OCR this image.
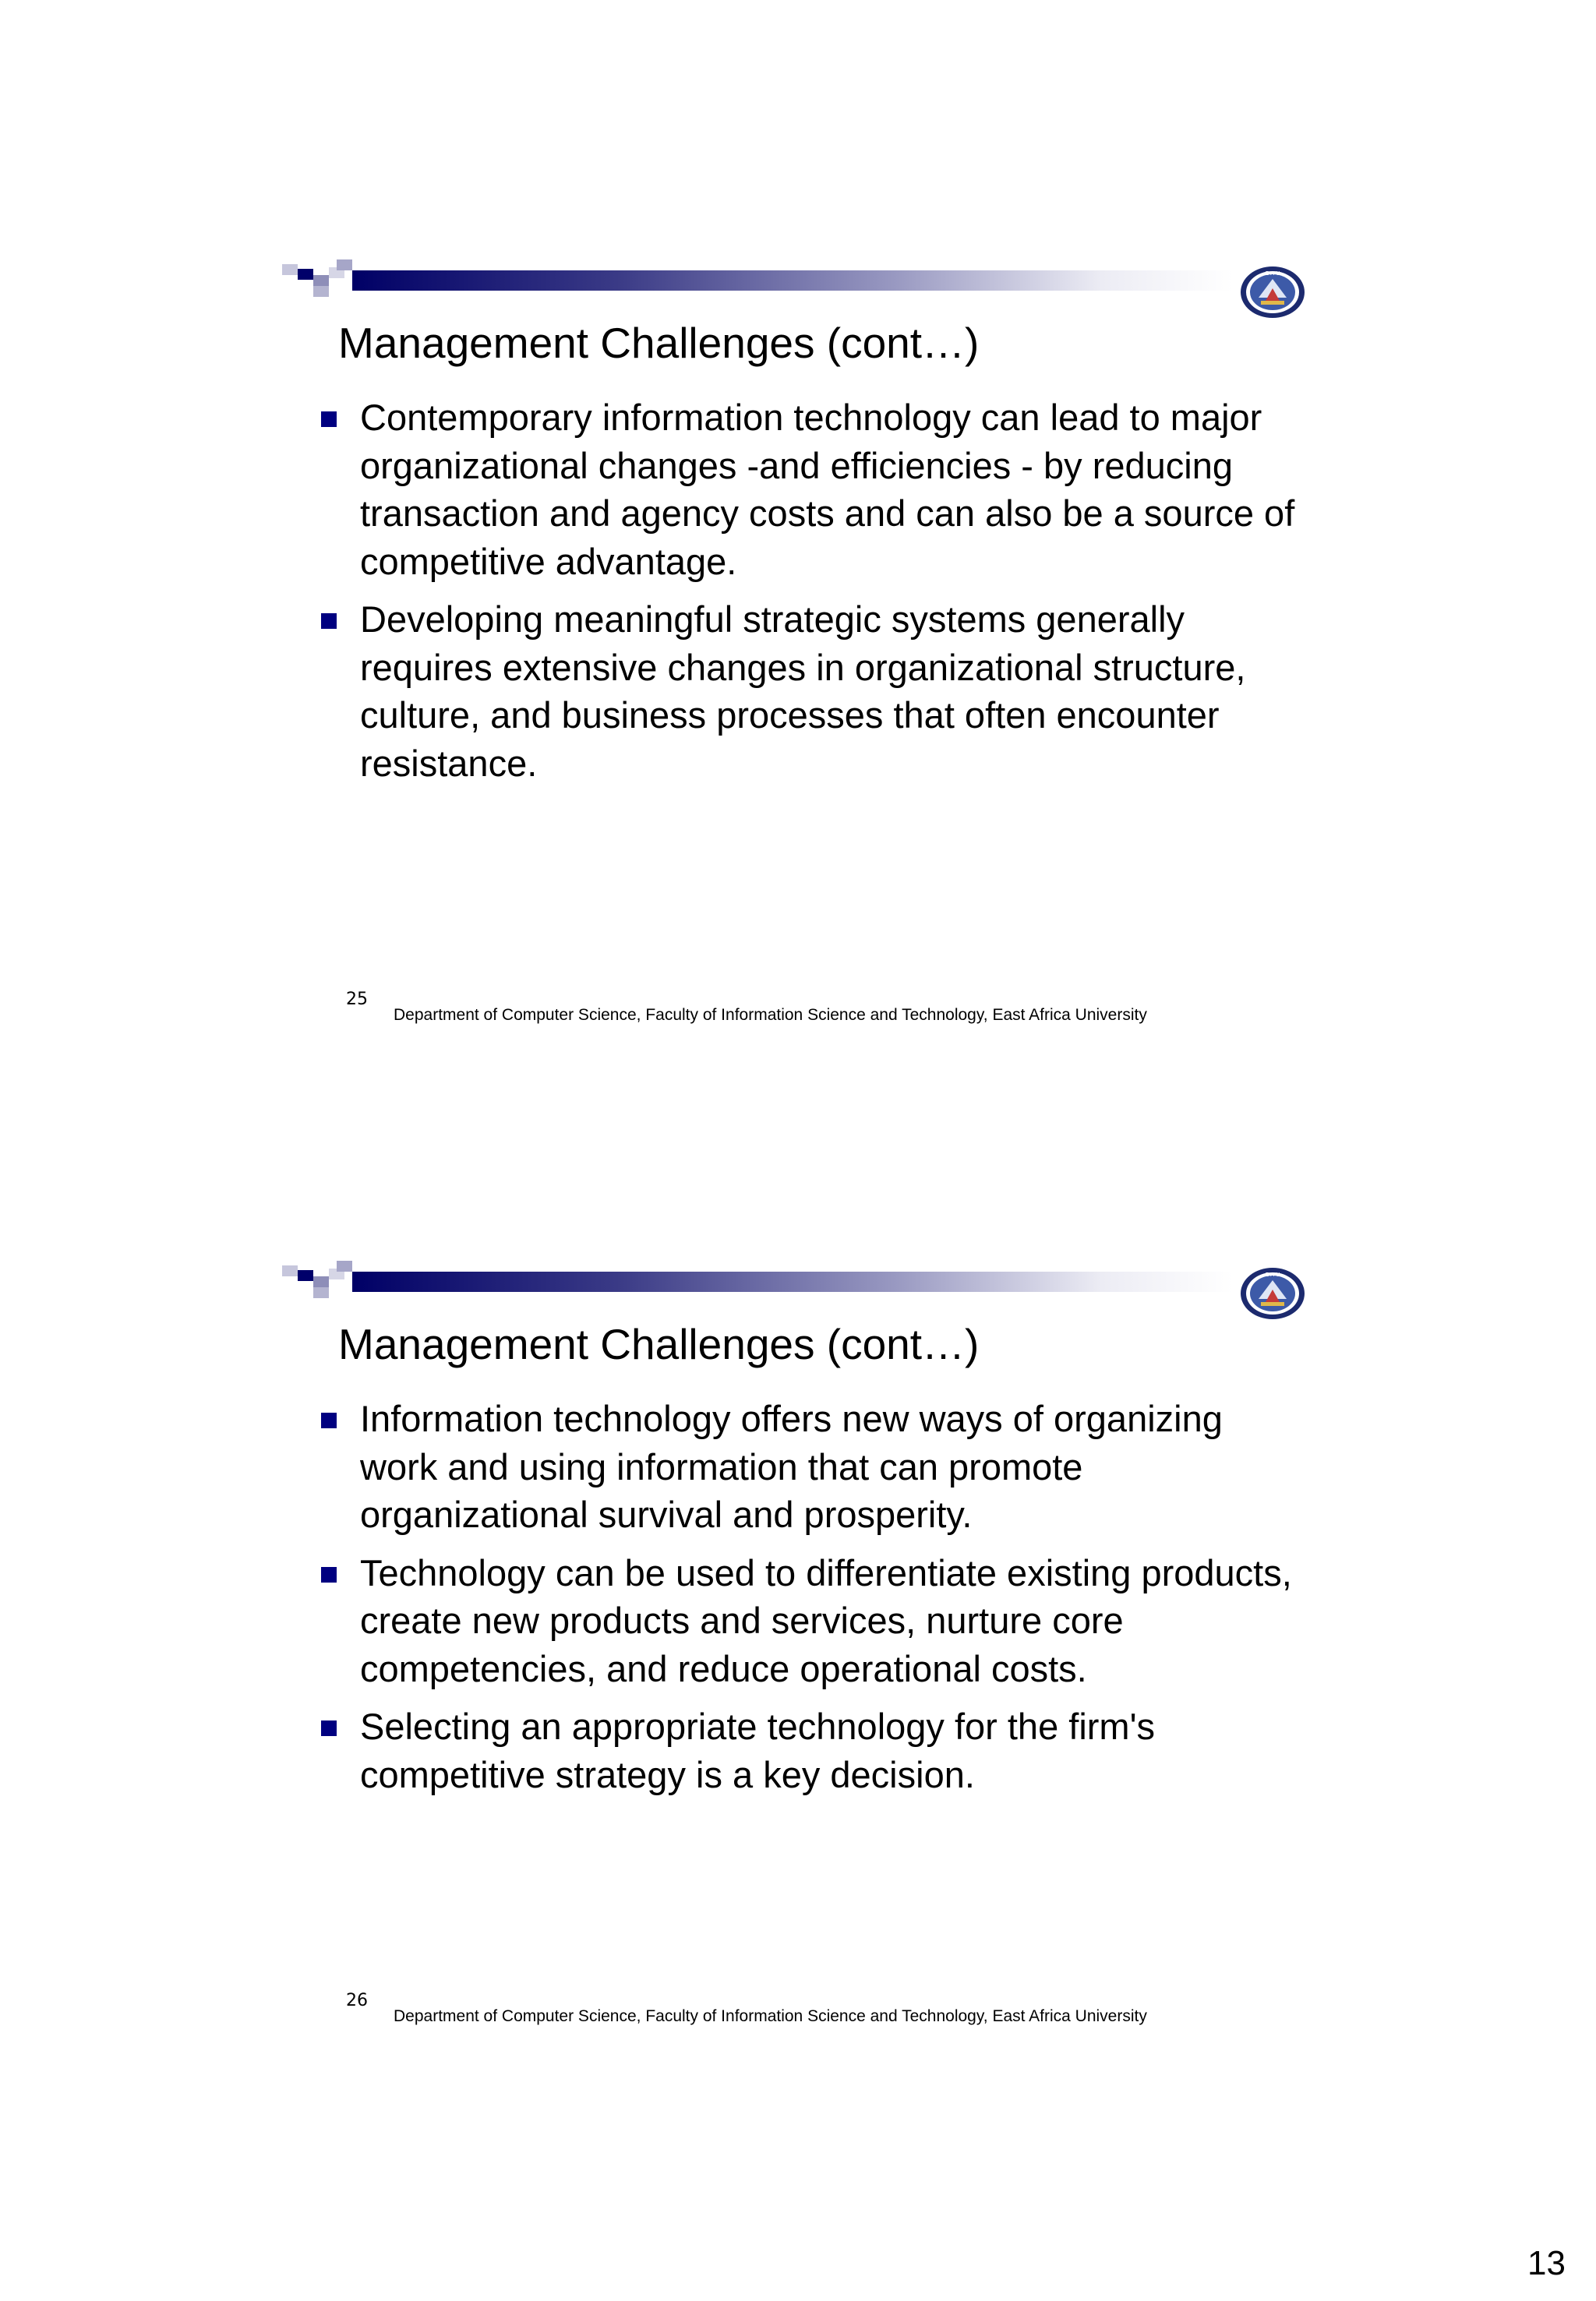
E A U
Management Challenges (cont…)
Contemporary information technology can lead to major organizational changes -and efficiencies - by reducing transaction and agency costs and can also be a source of competitive advantage.
Developing meaningful strategic systems generally requires extensive changes in organizational structure, culture, and business processes that often encounter resistance.
25
Department of Computer Science, Faculty of Information Science and Technology, East Africa University
E A U
Management Challenges (cont…)
Information technology offers new ways of organizing work and using information that can promote organizational survival and prosperity.
Technology can be used to differentiate existing products, create new products and services, nurture core competencies, and reduce operational costs.
Selecting an appropriate technology for the firm's competitive strategy is a key decision.
26
Department of Computer Science, Faculty of Information Science and Technology, East Africa University
13
